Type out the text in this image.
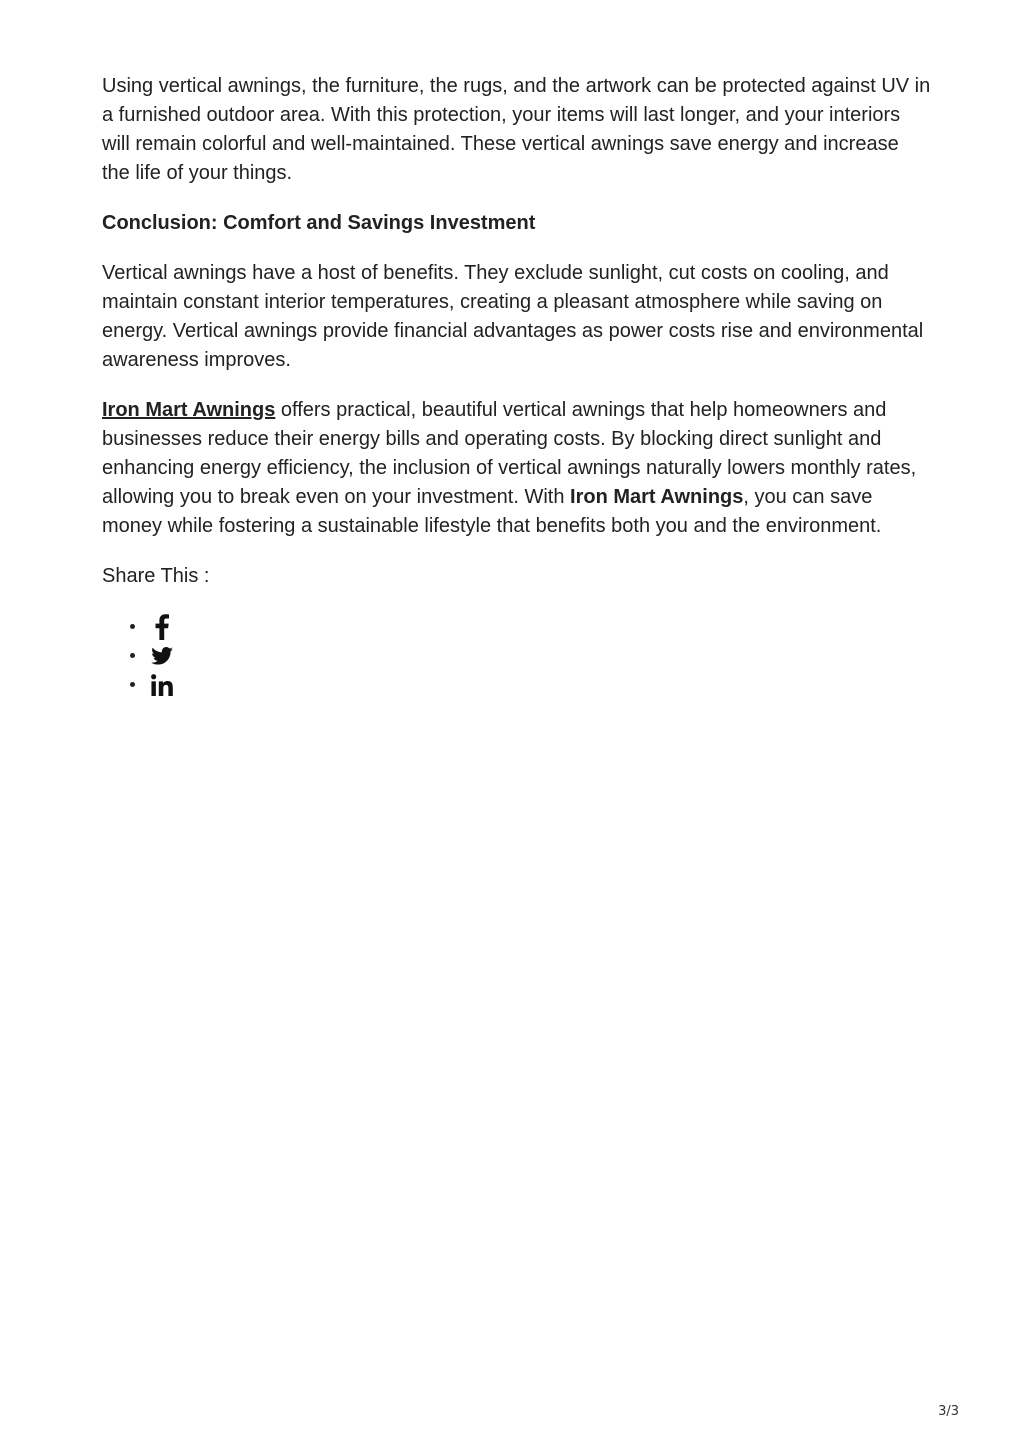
Using vertical awnings, the furniture, the rugs, and the artwork can be protected against UV in a furnished outdoor area. With this protection, your items will last longer, and your interiors will remain colorful and well-maintained. These vertical awnings save energy and increase the life of your things.

Conclusion: Comfort and Savings Investment

Vertical awnings have a host of benefits. They exclude sunlight, cut costs on cooling, and maintain constant interior temperatures, creating a pleasant atmosphere while saving on energy. Vertical awnings provide financial advantages as power costs rise and environmental awareness improves.

Iron Mart Awnings offers practical, beautiful vertical awnings that help homeowners and businesses reduce their energy bills and operating costs. By blocking direct sunlight and enhancing energy efficiency, the inclusion of vertical awnings naturally lowers monthly rates, allowing you to break even on your investment. With Iron Mart Awnings, you can save money while fostering a sustainable lifestyle that benefits both you and the environment.

Share This :

3/3
